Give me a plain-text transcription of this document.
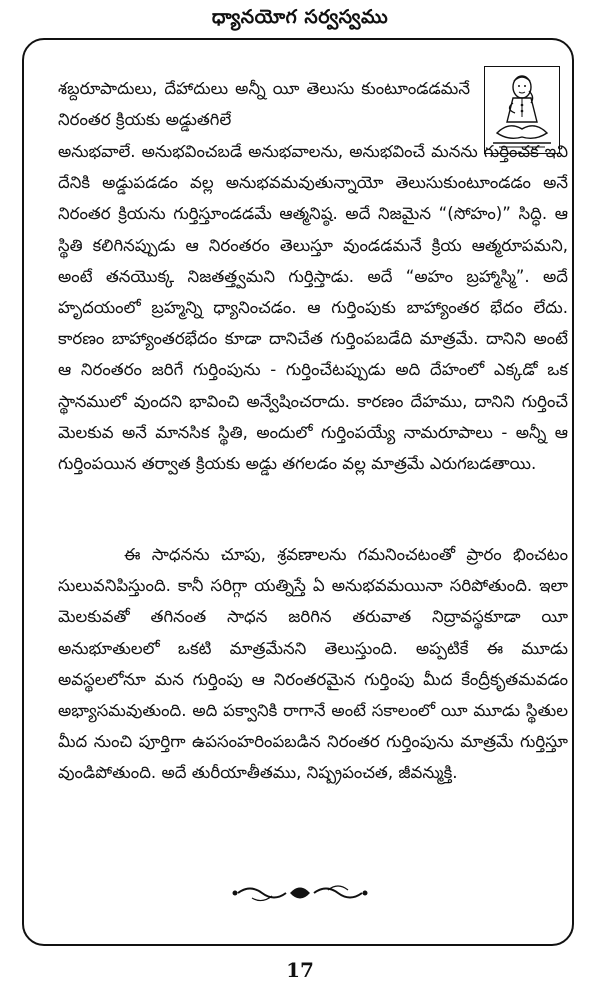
ధ్యానయోగ సర్వస్వము

శబ్దరూపాదులు, దేహాదులు అన్నీ యీ తెలుసు కుంటూండడమనే నిరంతర క్రియకు అడ్డుతగిలే

అనుభవాలే. అనుభవించబడే అనుభవాలను, అనుభవించే మనను గుర్తించక ఇవి దేనికి అడ్డుపడడం వల్ల అనుభవమవుతున్నాయో తెలుసుకుంటూండడం అనే నిరంతర క్రియను గుర్తిస్తూండడమే ఆత్మనిష్ఠ. అదే నిజమైన “(సోహం)” సిద్ధి. ఆ స్థితి కలిగినప్పుడు ఆ నిరంతరం తెలుస్తూ వుండడమనే క్రియ ఆత్మరూపమని, అంటే తనయొక్క నిజతత్త్వమని గుర్తిస్తాడు. అదే “అహం బ్రహ్మాస్మి”. అదే హృదయంలో బ్రహ్మన్ని ధ్యానించడం. ఆ గుర్తింపుకు బాహ్యాంతర భేదం లేదు. కారణం బాహ్యాంతరభేదం కూడా దానిచేత గుర్తింపబడేది మాత్రమే. దానిని అంటే ఆ నిరంతరం జరిగే గుర్తింపును - గుర్తించేటప్పుడు అది దేహంలో ఎక్కడో ఒక స్థానములో వుందని భావించి అన్వేషించరాదు. కారణం దేహము, దానిని గుర్తించే మెలకువ అనే మానసిక స్థితి, అందులో గుర్తింపయ్యే నామరూపాలు - అన్నీ ఆ గుర్తింపయిన తర్వాత క్రియకు అడ్డు తగలడం వల్ల మాత్రమే ఎరుగబడతాయి.

ఈ సాధనను చూపు, శ్రవణాలను గమనించటంతో ప్రారం భించటం సులువనిపిస్తుంది. కానీ సరిగ్గా యత్నిస్తే ఏ అనుభవమయినా సరిపోతుంది. ఇలా మెలకువతో తగినంత సాధన జరిగిన తరువాత నిద్రావస్థకూడా యీ అనుభూతులలో ఒకటి మాత్రమేనని తెలుస్తుంది. అప్పటికే ఈ మూడు అవస్థలలోనూ మన గుర్తింపు ఆ నిరంతరమైన గుర్తింపు మీద కేంద్రీకృతమవడం అభ్యాసమవుతుంది. అది పక్వానికి రాగానే అంటే సకాలంలో యీ మూడు స్థితుల మీద నుంచి పూర్తిగా ఉపసంహరింపబడిన నిరంతర గుర్తింపును మాత్రమే గుర్తిస్తూ వుండిపోతుంది. అదే తురీయాతీతము, నిష్ప్రపంచత, జీవన్ముక్తి.

17
